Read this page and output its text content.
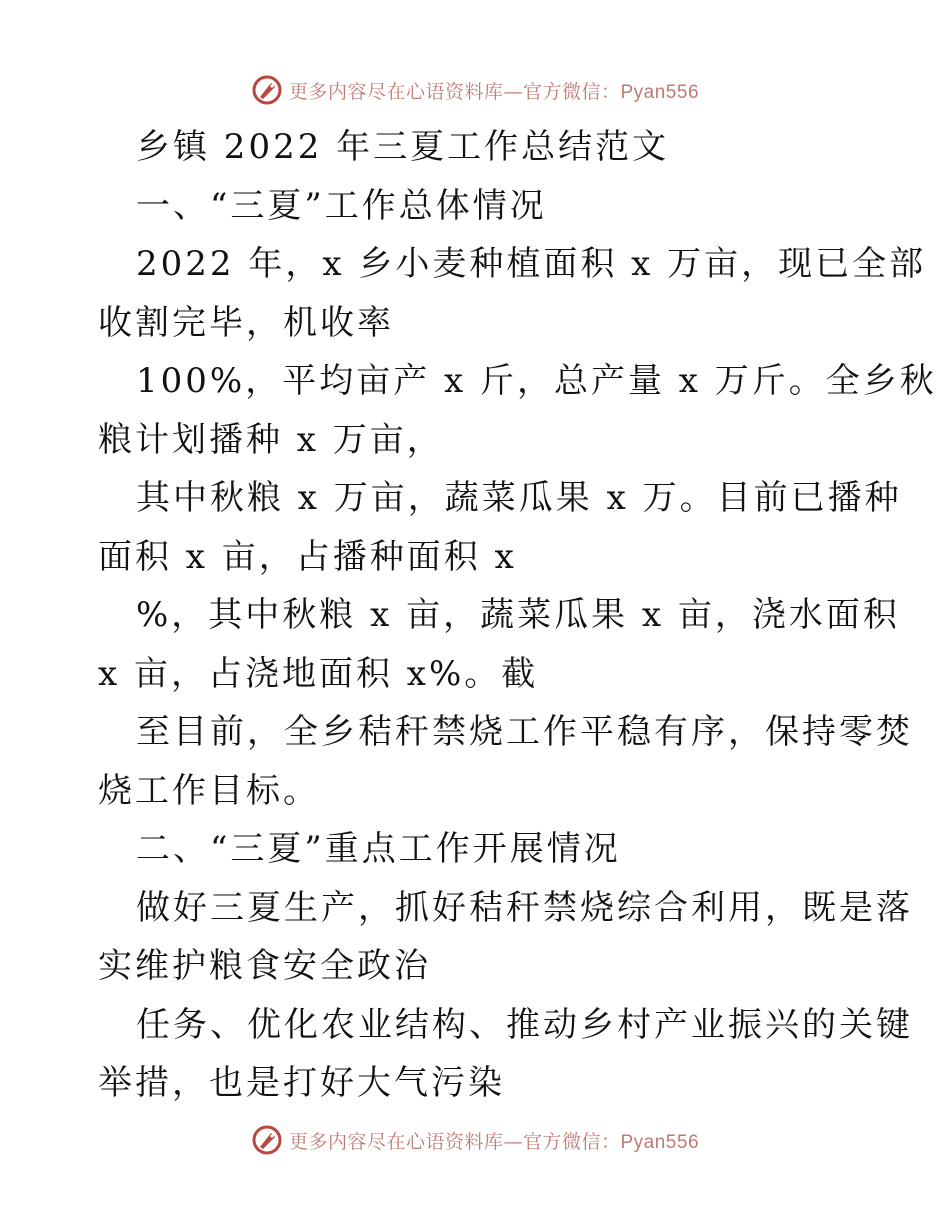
更多内容尽在心语资料库—官方微信：Pyan556
乡镇 2022 年三夏工作总结范文
一、“三夏”工作总体情况
2022 年，x 乡小麦种植面积 x 万亩，现已全部
收割完毕，机收率
100%，平均亩产 x 斤，总产量 x 万斤。全乡秋
粮计划播种 x 万亩，
其中秋粮 x 万亩，蔬菜瓜果 x 万。目前已播种
面积 x 亩，占播种面积 x
%，其中秋粮 x 亩，蔬菜瓜果 x 亩，浇水面积
x 亩，占浇地面积 x%。截
至目前，全乡秸秆禁烧工作平稳有序，保持零焚
烧工作目标。
二、“三夏”重点工作开展情况
做好三夏生产，抓好秸秆禁烧综合利用，既是落
实维护粮食安全政治
任务、优化农业结构、推动乡村产业振兴的关键
举措，也是打好大气污染
更多内容尽在心语资料库—官方微信：Pyan556
